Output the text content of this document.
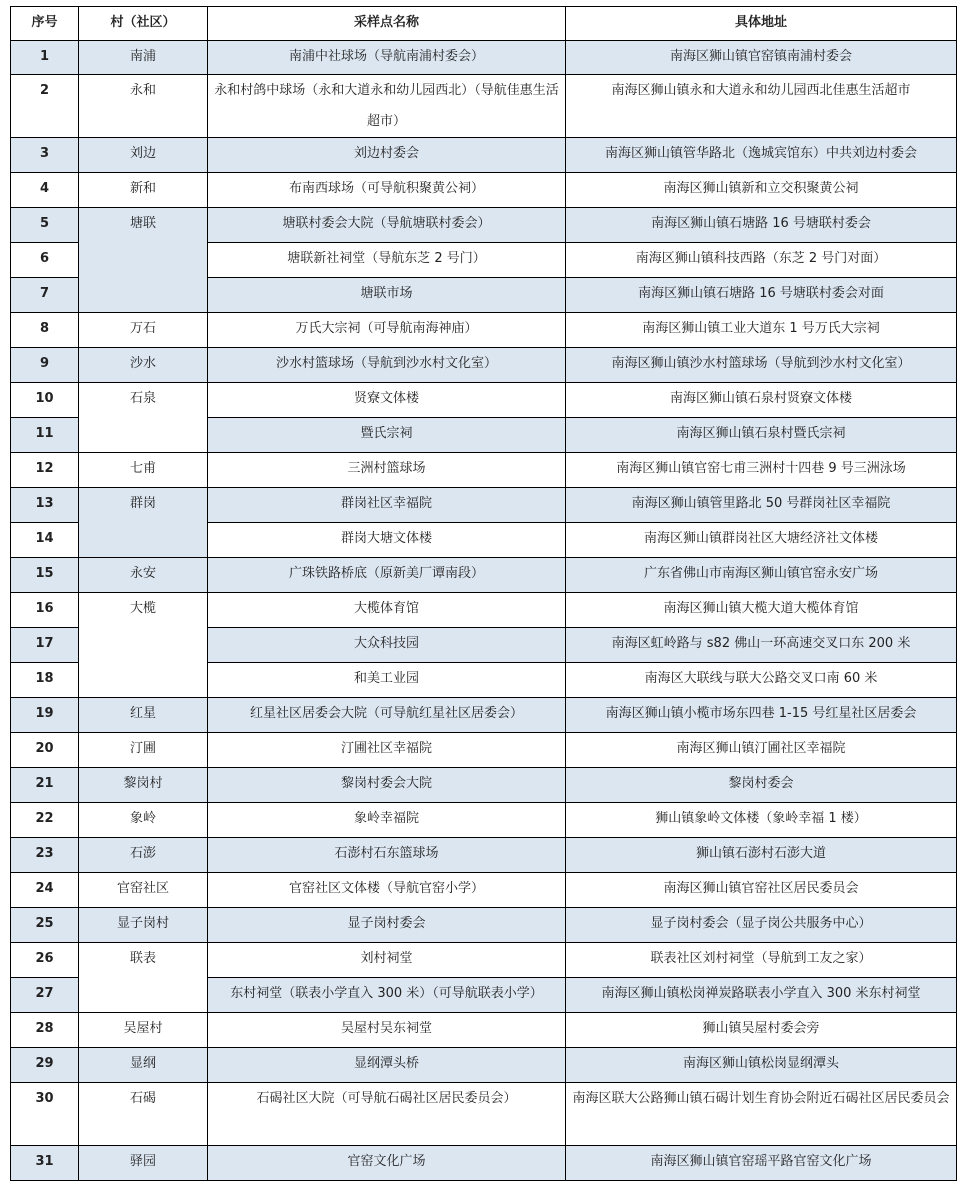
序号	村（社区）	采样点名称	具体地址
1	南浦	南浦中社球场（导航南浦村委会）	南海区狮山镇官窑镇南浦村委会
2	永和	永和村鸽中球场（永和大道永和幼儿园西北）（导航佳惠生活超市）	南海区狮山镇永和大道永和幼儿园西北佳惠生活超市
3	刘边	刘边村委会	南海区狮山镇管华路北（逸城宾馆东）中共刘边村委会
4	新和	布南西球场（可导航积聚黄公祠）	南海区狮山镇新和立交积聚黄公祠
5	塘联	塘联村委会大院（导航塘联村委会）	南海区狮山镇石塘路 16 号塘联村委会
6		塘联新社祠堂（导航东芝 2 号门）	南海区狮山镇科技西路（东芝 2 号门对面）
7		塘联市场	南海区狮山镇石塘路 16 号塘联村委会对面
8	万石	万氏大宗祠（可导航南海神庙）	南海区狮山镇工业大道东 1 号万氏大宗祠
9	沙水	沙水村篮球场（导航到沙水村文化室）	南海区狮山镇沙水村篮球场（导航到沙水村文化室）
10	石泉	贤寮文体楼	南海区狮山镇石泉村贤寮文体楼
11		暨氏宗祠	南海区狮山镇石泉村暨氏宗祠
12	七甫	三洲村篮球场	南海区狮山镇官窑七甫三洲村十四巷 9 号三洲泳场
13	群岗	群岗社区幸福院	南海区狮山镇管里路北 50 号群岗社区幸福院
14		群岗大塘文体楼	南海区狮山镇群岗社区大塘经济社文体楼
15	永安	广珠铁路桥底（原新美厂谭南段）	广东省佛山市南海区狮山镇官窑永安广场
16	大榄	大榄体育馆	南海区狮山镇大榄大道大榄体育馆
17		大众科技园	南海区虹岭路与 s82 佛山一环高速交叉口东 200 米
18		和美工业园	南海区大联线与联大公路交叉口南 60 米
19	红星	红星社区居委会大院（可导航红星社区居委会）	南海区狮山镇小榄市场东四巷 1-15 号红星社区居委会
20	汀圃	汀圃社区幸福院	南海区狮山镇汀圃社区幸福院
21	黎岗村	黎岗村委会大院	黎岗村委会
22	象岭	象岭幸福院	狮山镇象岭文体楼（象岭幸福 1 楼）
23	石澎	石澎村石东篮球场	狮山镇石澎村石澎大道
24	官窑社区	官窑社区文体楼（导航官窑小学）	南海区狮山镇官窑社区居民委员会
25	显子岗村	显子岗村委会	显子岗村委会（显子岗公共服务中心）
26	联表	刘村祠堂	联表社区刘村祠堂（导航到工友之家）
27		东村祠堂（联表小学直入 300 米）（可导航联表小学）	南海区狮山镇松岗禅炭路联表小学直入 300 米东村祠堂
28	吴屋村	吴屋村吴东祠堂	狮山镇吴屋村委会旁
29	显纲	显纲潭头桥	南海区狮山镇松岗显纲潭头
30	石碣	石碣社区大院（可导航石碣社区居民委员会）	南海区联大公路狮山镇石碣计划生育协会附近石碣社区居民委员会
31	驿园	官窑文化广场	南海区狮山镇官窑瑶平路官窑文化广场
